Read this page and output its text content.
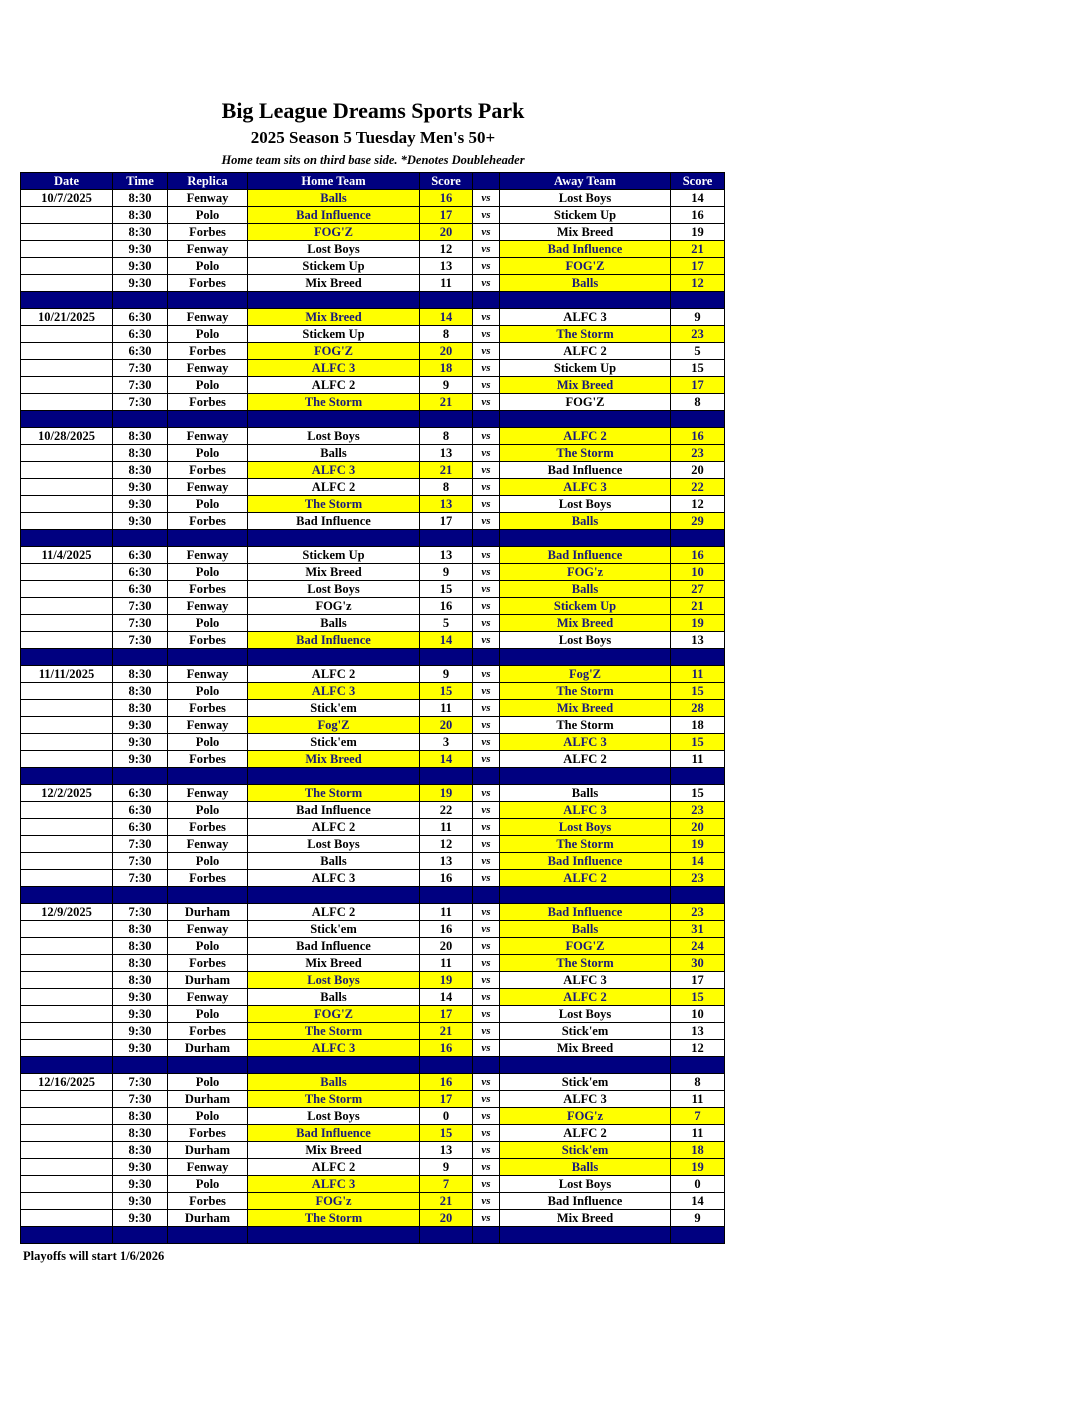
Big League Dreams Sports Park
2025 Season 5 Tuesday Men's 50+
Home team sits on third base side. *Denotes Doubleheader
Date	Time	Replica	Home Team	Score		Away Team	Score
10/7/2025	8:30	Fenway	Balls	16	vs	Lost Boys	14
	8:30	Polo	Bad Influence	17	vs	Stickem Up	16
	8:30	Forbes	FOG'Z	20	vs	Mix Breed	19
	9:30	Fenway	Lost Boys	12	vs	Bad Influence	21
	9:30	Polo	Stickem Up	13	vs	FOG'Z	17
	9:30	Forbes	Mix Breed	11	vs	Balls	12

10/21/2025	6:30	Fenway	Mix Breed	14	vs	ALFC 3	9
	6:30	Polo	Stickem Up	8	vs	The Storm	23
	6:30	Forbes	FOG'Z	20	vs	ALFC 2	5
	7:30	Fenway	ALFC 3	18	vs	Stickem Up	15
	7:30	Polo	ALFC 2	9	vs	Mix Breed	17
	7:30	Forbes	The Storm	21	vs	FOG'Z	8

10/28/2025	8:30	Fenway	Lost Boys	8	vs	ALFC 2	16
	8:30	Polo	Balls	13	vs	The Storm	23
	8:30	Forbes	ALFC 3	21	vs	Bad Influence	20
	9:30	Fenway	ALFC 2	8	vs	ALFC 3	22
	9:30	Polo	The Storm	13	vs	Lost Boys	12
	9:30	Forbes	Bad Influence	17	vs	Balls	29

11/4/2025	6:30	Fenway	Stickem Up	13	vs	Bad Influence	16
	6:30	Polo	Mix Breed	9	vs	FOG'z	10
	6:30	Forbes	Lost Boys	15	vs	Balls	27
	7:30	Fenway	FOG'z	16	vs	Stickem Up	21
	7:30	Polo	Balls	5	vs	Mix Breed	19
	7:30	Forbes	Bad Influence	14	vs	Lost Boys	13

11/11/2025	8:30	Fenway	ALFC 2	9	vs	Fog'Z	11
	8:30	Polo	ALFC 3	15	vs	The Storm	15
	8:30	Forbes	Stick'em	11	vs	Mix Breed	28
	9:30	Fenway	Fog'Z	20	vs	The Storm	18
	9:30	Polo	Stick'em	3	vs	ALFC 3	15
	9:30	Forbes	Mix Breed	14	vs	ALFC 2	11

12/2/2025	6:30	Fenway	The Storm	19	vs	Balls	15
	6:30	Polo	Bad Influence	22	vs	ALFC 3	23
	6:30	Forbes	ALFC 2	11	vs	Lost Boys	20
	7:30	Fenway	Lost Boys	12	vs	The Storm	19
	7:30	Polo	Balls	13	vs	Bad Influence	14
	7:30	Forbes	ALFC 3	16	vs	ALFC 2	23

12/9/2025	7:30	Durham	ALFC 2	11	vs	Bad Influence	23
	8:30	Fenway	Stick'em	16	vs	Balls	31
	8:30	Polo	Bad Influence	20	vs	FOG'Z	24
	8:30	Forbes	Mix Breed	11	vs	The Storm	30
	8:30	Durham	Lost Boys	19	vs	ALFC 3	17
	9:30	Fenway	Balls	14	vs	ALFC 2	15
	9:30	Polo	FOG'Z	17	vs	Lost Boys	10
	9:30	Forbes	The Storm	21	vs	Stick'em	13
	9:30	Durham	ALFC 3	16	vs	Mix Breed	12

12/16/2025	7:30	Polo	Balls	16	vs	Stick'em	8
	7:30	Durham	The Storm	17	vs	ALFC 3	11
	8:30	Polo	Lost Boys	0	vs	FOG'z	7
	8:30	Forbes	Bad Influence	15	vs	ALFC 2	11
	8:30	Durham	Mix Breed	13	vs	Stick'em	18
	9:30	Fenway	ALFC 2	9	vs	Balls	19
	9:30	Polo	ALFC 3	7	vs	Lost Boys	0
	9:30	Forbes	FOG'z	21	vs	Bad Influence	14
	9:30	Durham	The Storm	20	vs	Mix Breed	9

Playoffs will start 1/6/2026
